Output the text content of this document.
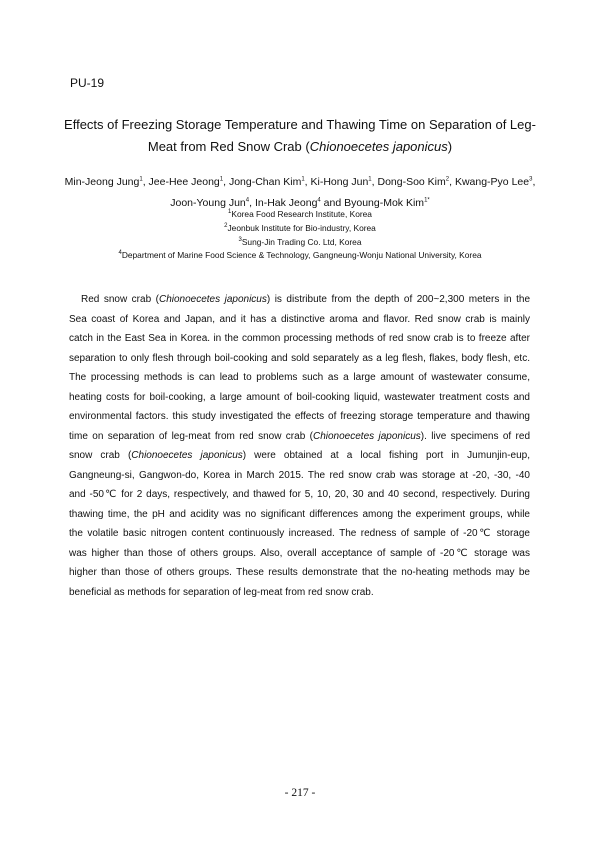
PU-19
Effects of Freezing Storage Temperature and Thawing Time on Separation of Leg-
Meat from Red Snow Crab (Chionoecetes japonicus)
Min-Jeong Jung$^1$, Jee-Hee Jeong$^1$, Jong-Chan Kim$^1$, Ki-Hong Jun$^1$, Dong-Soo Kim$^2$, Kwang-Pyo Lee$^3$,
Joon-Young Jun$^4$, In-Hak Jeong$^4$ and Byoung-Mok Kim$^{1*}$
$^1$Korea Food Research Institute, Korea
$^2$Jeonbuk Institute for Bio-industry, Korea
$^3$Sung-Jin Trading Co. Ltd, Korea
$^4$Department of Marine Food Science & Technology, Gangneung-Wonju National University, Korea
Red snow crab (Chionoecetes japonicus) is distribute from the depth of 200~2,300 meters in the
Sea coast of Korea and Japan, and it has a distinctive aroma and flavor. Red snow crab is mainly
catch in the East Sea in Korea. in the common processing methods of red snow crab is to freeze after
separation to only flesh through boil-cooking and sold separately as a leg flesh, flakes, body flesh, etc.
The processing methods is can lead to problems such as a large amount of wastewater consume,
heating costs for boil-cooking, a large amount of boil-cooking liquid, wastewater treatment costs and
environmental factors. this study investigated the effects of freezing storage temperature and thawing
time on separation of leg-meat from red snow crab (Chionoecetes japonicus). live specimens of red
snow crab (Chionoecetes japonicus) were obtained at a local fishing port in Jumunjin-eup,
Gangneung-si, Gangwon-do, Korea in March 2015. The red snow crab was storage at -20, -30, -40
and -50℃ for 2 days, respectively, and thawed for 5, 10, 20, 30 and 40 second, respectively. During
thawing time, the pH and acidity was no significant differences among the experiment groups, while
the volatile basic nitrogen content continuously increased. The redness of sample of -20℃ storage
was higher than those of others groups. Also, overall acceptance of sample of -20℃ storage was
higher than those of others groups. These results demonstrate that the no-heating methods may be
beneficial as methods for separation of leg-meat from red snow crab.
- 217 -
